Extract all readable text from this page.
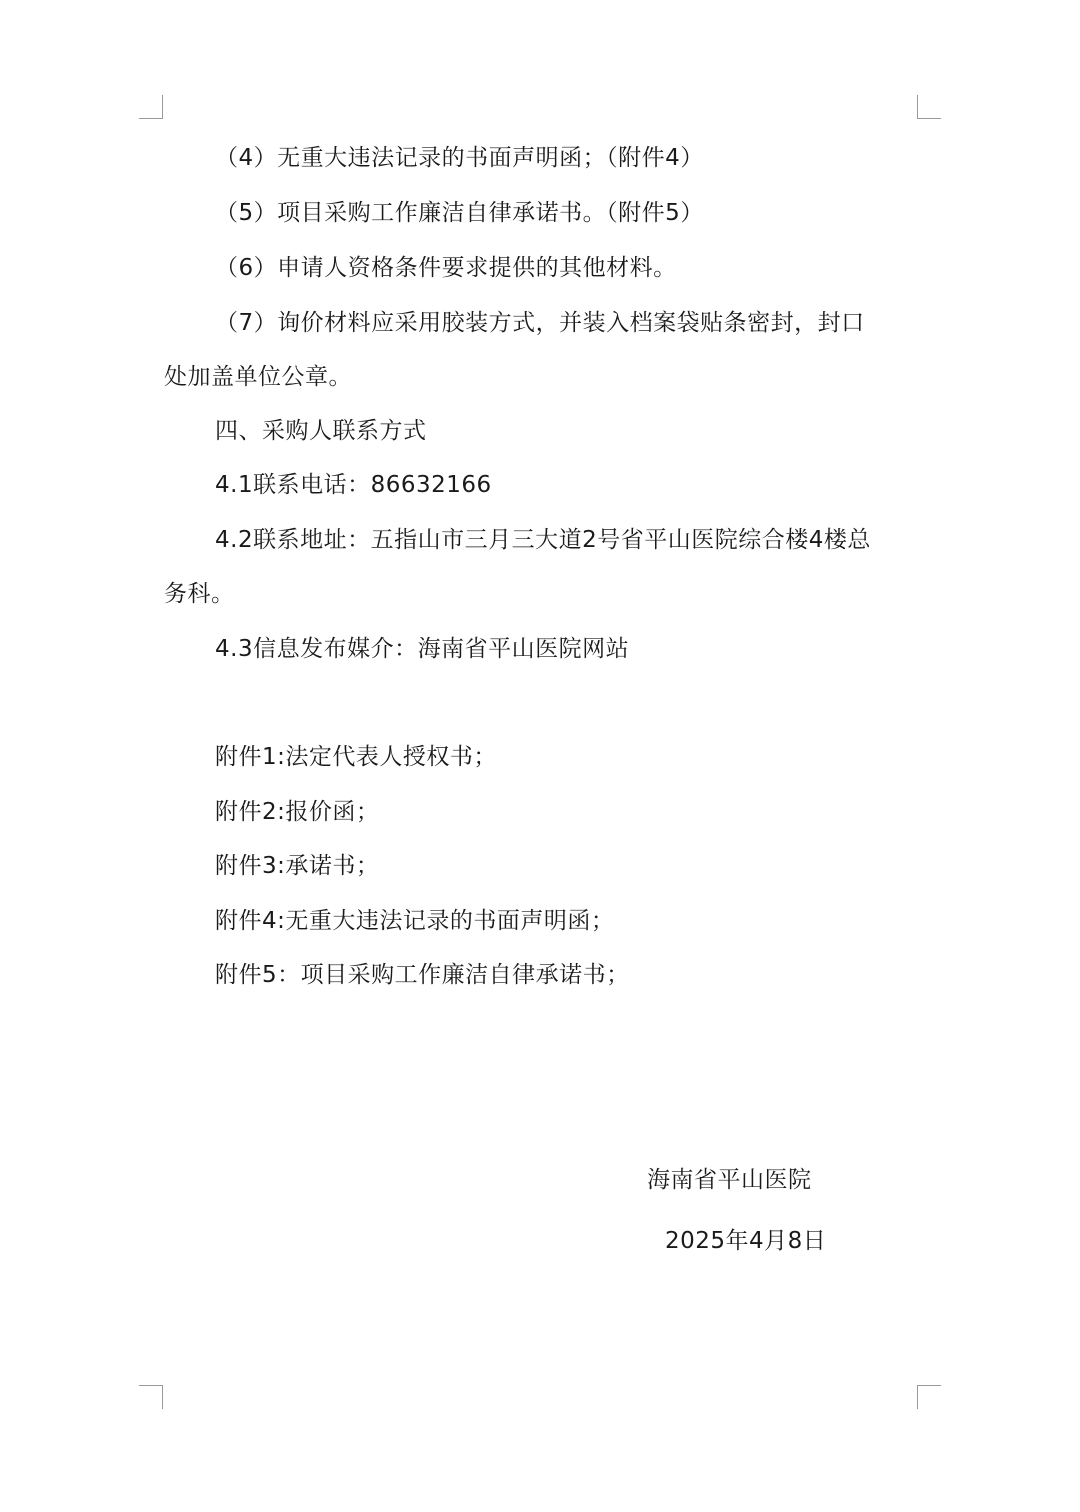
（4）无重大违法记录的书面声明函；（附件4）
（5）项目采购工作廉洁自律承诺书。（附件5）
（6）申请人资格条件要求提供的其他材料。
（7）询价材料应采用胶装方式，并装入档案袋贴条密封，封口
处加盖单位公章。
四、采购人联系方式
4.1联系电话：86632166
4.2联系地址：五指山市三月三大道2号省平山医院综合楼4楼总
务科。
4.3信息发布媒介：海南省平山医院网站
附件1:法定代表人授权书；
附件2:报价函；
附件3:承诺书；
附件4:无重大违法记录的书面声明函；
附件5：项目采购工作廉洁自律承诺书；
海南省平山医院
2025年4月8日
